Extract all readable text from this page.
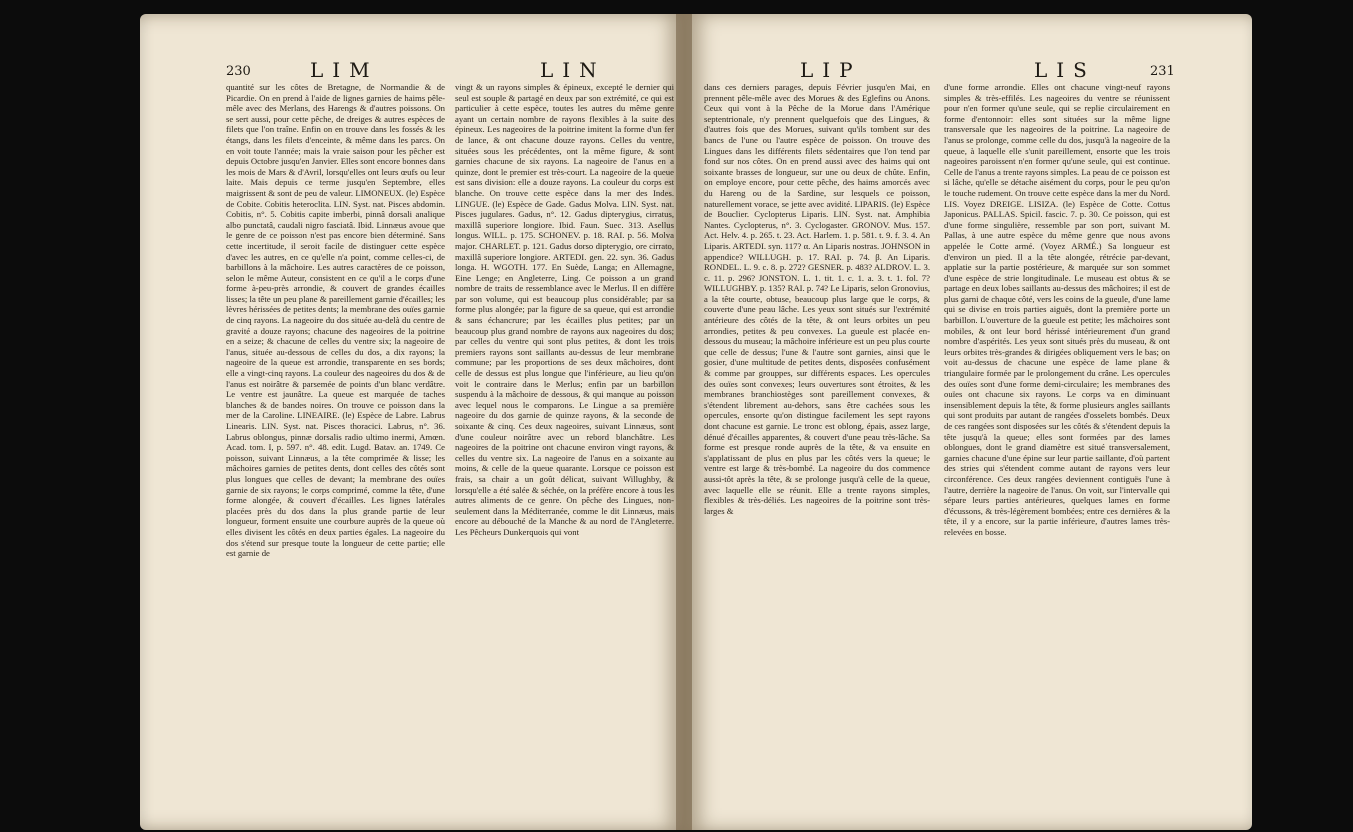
230	LIM	LIN	LIP	LIS	231

quantité sur les côtes de Bretagne, de Normandie & de Picardie. On en prend à l'aide de lignes garnies de haims pêle-mêle avec des Merlans, des Harengs & d'autres poissons. On se sert aussi, pour cette pêche, de dreiges & autres espèces de filets que l'on traîne. Enfin on en trouve dans les fossés & les étangs, dans les filets d'enceinte, & même dans les parcs. On en voit toute l'année; mais la vraie saison pour les pêcher est depuis Octobre jusqu'en Janvier. Elles sont encore bonnes dans les mois de Mars & d'Avril, lorsqu'elles ont leurs œufs ou leur laite. Mais depuis ce terme jusqu'en Septembre, elles maigrissent & sont de peu de valeur. LIMONEUX. (le) Espèce de Cobite. Cobitis heteroclita. LIN. Syst. nat. Pisces abdomin. Cobitis, n°. 5. Cobitis capite imberbi, pinnâ dorsali analique albo punctatâ, caudali nigro fasciatâ. Ibid. Linnæus avoue que le genre de ce poisson n'est pas encore bien déterminé. Sans cette incertitude, il seroit facile de distinguer cette espèce d'avec les autres, en ce qu'elle n'a point, comme celles-ci, de barbillons à la mâchoire. Les autres caractères de ce poisson, selon le même Auteur, consistent en ce qu'il a le corps d'une forme à-peu-près arrondie, & couvert de grandes écailles lisses; la tête un peu plane & pareillement garnie d'écailles; les lèvres hérissées de petites dents; la membrane des ouïes garnie de cinq rayons. La nageoire du dos située au-delà du centre de gravité a douze rayons; chacune des nageoires de la poitrine en a seize; & chacune de celles du ventre six; la nageoire de l'anus, située au-dessous de celles du dos, a dix rayons; la nageoire de la queue est arrondie, transparente en ses bords; elle a vingt-cinq rayons. La couleur des nageoires du dos & de l'anus est noirâtre & parsemée de points d'un blanc verdâtre. Le ventre est jaunâtre. La queue est marquée de taches blanches & de bandes noires. On trouve ce poisson dans la mer de la Caroline. LINEAIRE. (le) Espèce de Labre. Labrus Linearis. LIN. Syst. nat. Pisces thoracici. Labrus, n°. 36. Labrus oblongus, pinnæ dorsalis radio ultimo inermi, Amœn. Acad. tom. I, p. 597. n°. 48. edit. Lugd. Batav. an. 1749. Ce poisson, suivant Linnæus, a la tête comprimée & lisse; les mâchoires garnies de petites dents, dont celles des côtés sont plus longues que celles de devant; la membrane des ouïes garnie de six rayons; le corps comprimé, comme la tête, d'une forme alongée, & couvert d'écailles. Les lignes latérales placées près du dos dans la plus grande partie de leur longueur, forment ensuite une courbure auprès de la queue où elles divisent les côtés en deux parties égales. La nageoire du dos s'étend sur presque toute la longueur de cette partie; elle est garnie de

vingt & un rayons simples & épineux, excepté le dernier qui seul est souple & partagé en deux par son extrémité, ce qui est particulier à cette espèce, toutes les autres du même genre ayant un certain nombre de rayons flexibles à la suite des épineux. Les nageoires de la poitrine imitent la forme d'un fer de lance, & ont chacune douze rayons. Celles du ventre, situées sous les précédentes, ont la même figure, & sont garnies chacune de six rayons. La nageoire de l'anus en a quinze, dont le premier est très-court. La nageoire de la queue est sans division: elle a douze rayons. La couleur du corps est blanche. On trouve cette espèce dans la mer des Indes. LINGUE. (le) Espèce de Gade. Gadus Molva. LIN. Syst. nat. Pisces jugulares. Gadus, n°. 12. Gadus dipterygius, cirratus, maxillâ superiore longiore. Ibid. Faun. Suec. 313. Asellus longus. WILL. p. 175. SCHONEV. p. 18. RAI. p. 56. Molva major. CHARLET. p. 121. Gadus dorso dipterygio, ore cirrato, maxillâ superiore longiore. ARTEDI. gen. 22. syn. 36. Gadus longa. H. WGOTH. 177. En Suède, Langa; en Allemagne, Eine Lenge; en Angleterre, Ling. Ce poisson a un grand nombre de traits de ressemblance avec le Merlus. Il en diffère par son volume, qui est beaucoup plus considérable; par sa forme plus alongée; par la figure de sa queue, qui est arrondie & sans échancrure; par les écailles plus petites; par un beaucoup plus grand nombre de rayons aux nageoires du dos; par celles du ventre qui sont plus petites, & dont les trois premiers rayons sont saillants au-dessus de leur membrane commune; par les proportions de ses deux mâchoires, dont celle de dessus est plus longue que l'inférieure, au lieu qu'on voit le contraire dans le Merlus; enfin par un barbillon suspendu à la mâchoire de dessous, & qui manque au poisson avec lequel nous le comparons. Le Lingue a sa première nageoire du dos garnie de quinze rayons, & la seconde de soixante & cinq. Ces deux nageoires, suivant Linnæus, sont d'une couleur noirâtre avec un rebord blanchâtre. Les nageoires de la poitrine ont chacune environ vingt rayons, & celles du ventre six. La nageoire de l'anus en a soixante au moins, & celle de la queue quarante. Lorsque ce poisson est frais, sa chair a un goût délicat, suivant Willughby, & lorsqu'elle a été salée & séchée, on la préfère encore à tous les autres aliments de ce genre. On pêche des Lingues, non-seulement dans la Méditerranée, comme le dit Linnæus, mais encore au débouché de la Manche & au nord de l'Angleterre. Les Pêcheurs Dunkerquois qui vont

dans ces derniers parages, depuis Février jusqu'en Mai, en prennent pêle-mêle avec des Morues & des Eglefins ou Anons. Ceux qui vont à la Pêche de la Morue dans l'Amérique septentrionale, n'y prennent quelquefois que des Lingues, & d'autres fois que des Morues, suivant qu'ils tombent sur des bancs de l'une ou l'autre espèce de poisson. On trouve des Lingues dans les différents filets sédentaires que l'on tend par fond sur nos côtes. On en prend aussi avec des haims qui ont soixante brasses de longueur, sur une ou deux de chûte. Enfin, on employe encore, pour cette pêche, des haims amorcés avec du Hareng ou de la Sardine, sur lesquels ce poisson, naturellement vorace, se jette avec avidité. LIPARIS. (le) Espèce de Bouclier. Cyclopterus Liparis. LIN. Syst. nat. Amphibia Nantes. Cyclopterus, n°. 3. Cyclogaster. GRONOV. Mus. 157. Act. Helv. 4. p. 265. t. 23. Act. Harlem. 1. p. 581. t. 9. f. 3. 4. An Liparis. ARTEDI. syn. 117? α. An Liparis nostras. JOHNSON in appendice? WILLUGH. p. 17. RAI. p. 74. β. An Liparis. RONDEL. L. 9. c. 8. p. 272? GESNER. p. 483? ALDROV. L. 3. c. 11. p. 296? JONSTON. L. 1. tit. 1. c. 1. a. 3. t. 1. fol. 7? WILLUGHBY. p. 135? RAI. p. 74? Le Liparis, selon Gronovius, a la tête courte, obtuse, beaucoup plus large que le corps, & couverte d'une peau lâche. Les yeux sont situés sur l'extrémité antérieure des côtés de la tête, & ont leurs orbites un peu arrondies, petites & peu convexes. La gueule est placée en-dessous du museau; la mâchoire inférieure est un peu plus courte que celle de dessus; l'une & l'autre sont garnies, ainsi que le gosier, d'une multitude de petites dents, disposées confusément & comme par grouppes, sur différents espaces. Les opercules des ouïes sont convexes; leurs ouvertures sont étroites, & les membranes branchiostèges sont pareillement convexes, & s'étendent librement au-dehors, sans être cachées sous les opercules, ensorte qu'on distingue facilement les sept rayons dont chacune est garnie. Le tronc est oblong, épais, assez large, dénué d'écailles apparentes, & couvert d'une peau très-lâche. Sa forme est presque ronde auprès de la tête, & va ensuite en s'applatissant de plus en plus par les côtés vers la queue; le ventre est large & très-bombé. La nageoire du dos commence aussi-tôt après la tête, & se prolonge jusqu'à celle de la queue, avec laquelle elle se réunit. Elle a trente rayons simples, flexibles & très-déliés. Les nageoires de la poitrine sont très-larges &

d'une forme arrondie. Elles ont chacune vingt-neuf rayons simples & très-effilés. Les nageoires du ventre se réunissent pour n'en former qu'une seule, qui se replie circulairement en forme d'entonnoir: elles sont situées sur la même ligne transversale que les nageoires de la poitrine. La nageoire de l'anus se prolonge, comme celle du dos, jusqu'à la nageoire de la queue, à laquelle elle s'unit pareillement, ensorte que les trois nageoires paroissent n'en former qu'une seule, qui est continue. Celle de l'anus a trente rayons simples. La peau de ce poisson est si lâche, qu'elle se détache aisément du corps, pour le peu qu'on le touche rudement. On trouve cette espèce dans la mer du Nord. LIS. Voyez DREIGE. LISIZA. (le) Espèce de Cotte. Cottus Japonicus. PALLAS. Spicil. fascic. 7. p. 30. Ce poisson, qui est d'une forme singulière, ressemble par son port, suivant M. Pallas, à une autre espèce du même genre que nous avons appelée le Cotte armé. (Voyez ARMÉ.) Sa longueur est d'environ un pied. Il a la tête alongée, rétrécie par-devant, applatie sur la partie postérieure, & marquée sur son sommet d'une espèce de strie longitudinale. Le museau est obtus & se partage en deux lobes saillants au-dessus des mâchoires; il est de plus garni de chaque côté, vers les coins de la gueule, d'une lame qui se divise en trois parties aiguës, dont la première porte un barbillon. L'ouverture de la gueule est petite; les mâchoires sont mobiles, & ont leur bord hérissé intérieurement d'un grand nombre d'aspérités. Les yeux sont situés près du museau, & ont leurs orbites très-grandes & dirigées obliquement vers le bas; on voit au-dessus de chacune une espèce de lame plane & triangulaire formée par le prolongement du crâne. Les opercules des ouïes sont d'une forme demi-circulaire; les membranes des ouïes ont chacune six rayons. Le corps va en diminuant insensiblement depuis la tête, & forme plusieurs angles saillants qui sont produits par autant de rangées d'osselets bombés. Deux de ces rangées sont disposées sur les côtés & s'étendent depuis la tête jusqu'à la queue; elles sont formées par des lames oblongues, dont le grand diamètre est situé transversalement, garnies chacune d'une épine sur leur partie saillante, d'où partent des stries qui s'étendent comme autant de rayons vers leur circonférence. Ces deux rangées deviennent contiguës l'une à l'autre, derrière la nageoire de l'anus. On voit, sur l'intervalle qui sépare leurs parties antérieures, quelques lames en forme d'écussons, & très-légèrement bombées; entre ces dernières & la tête, il y a encore, sur la partie inférieure, d'autres lames très-relevées en bosse.
